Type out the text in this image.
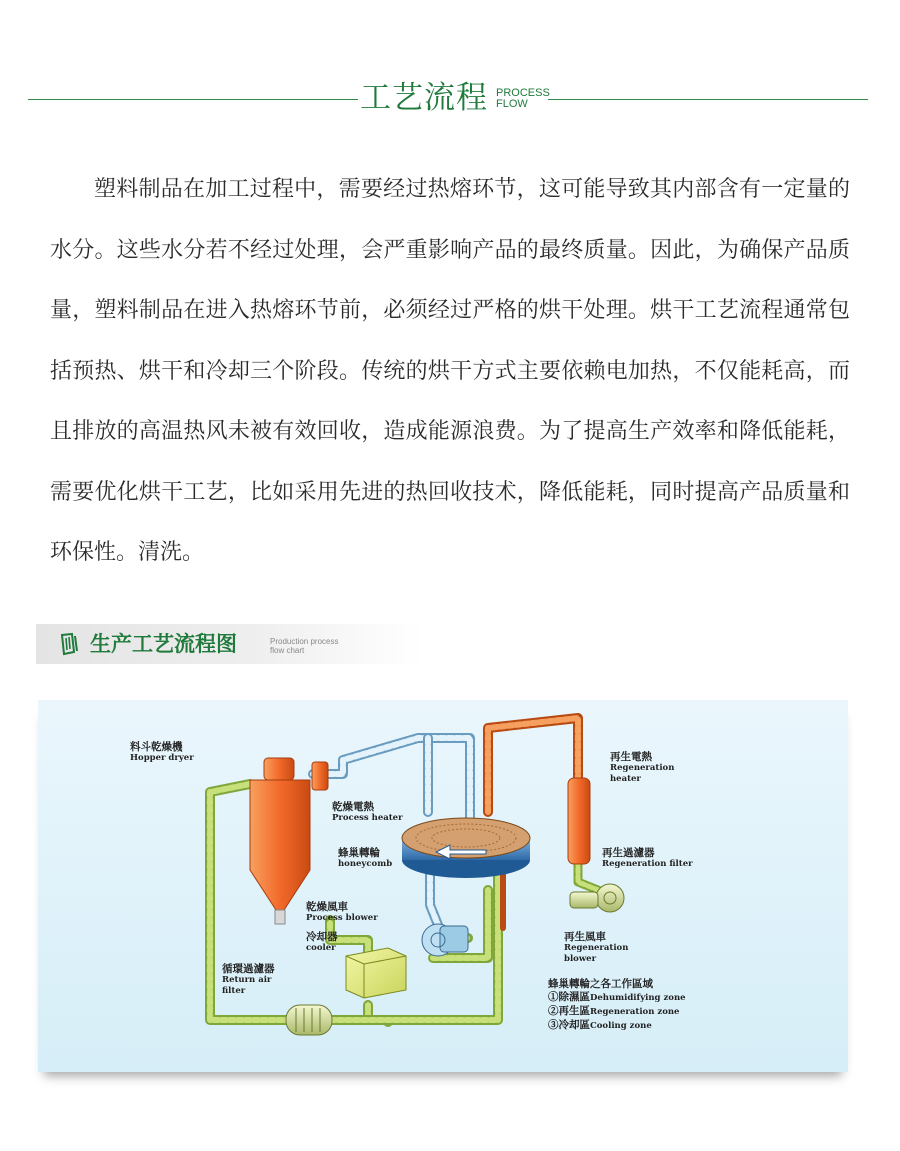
工艺流程 PROCESS
FLOW

塑料制品在加工过程中，需要经过热熔环节，这可能导致其内部含有一定量的水分。这些水分若不经过处理，会严重影响产品的最终质量。因此，为确保产品质量，塑料制品在进入热熔环节前，必须经过严格的烘干处理。烘干工艺流程通常包括预热、烘干和冷却三个阶段。传统的烘干方式主要依赖电加热，不仅能耗高，而且排放的高温热风未被有效回收，造成能源浪费。为了提高生产效率和降低能耗，需要优化烘干工艺，比如采用先进的热回收技术，降低能耗，同时提高产品质量和环保性。清洗。

生产工艺流程图	Production process
flow chart
料斗乾燥機
Hopper dryer
乾燥電熱
Process heater
蜂巢轉輪
honeycomb
乾燥風車
Process blower
冷却器
cooler
循環過濾器
Return air
filter
再生電熱
Regeneration
heater
再生過濾器
Regeneration filter
再生風車
Regeneration
blower
蜂巢轉輪之各工作區域
①除濕區Dehumidifying zone
②再生區Regeneration zone
③冷却區Cooling zone
